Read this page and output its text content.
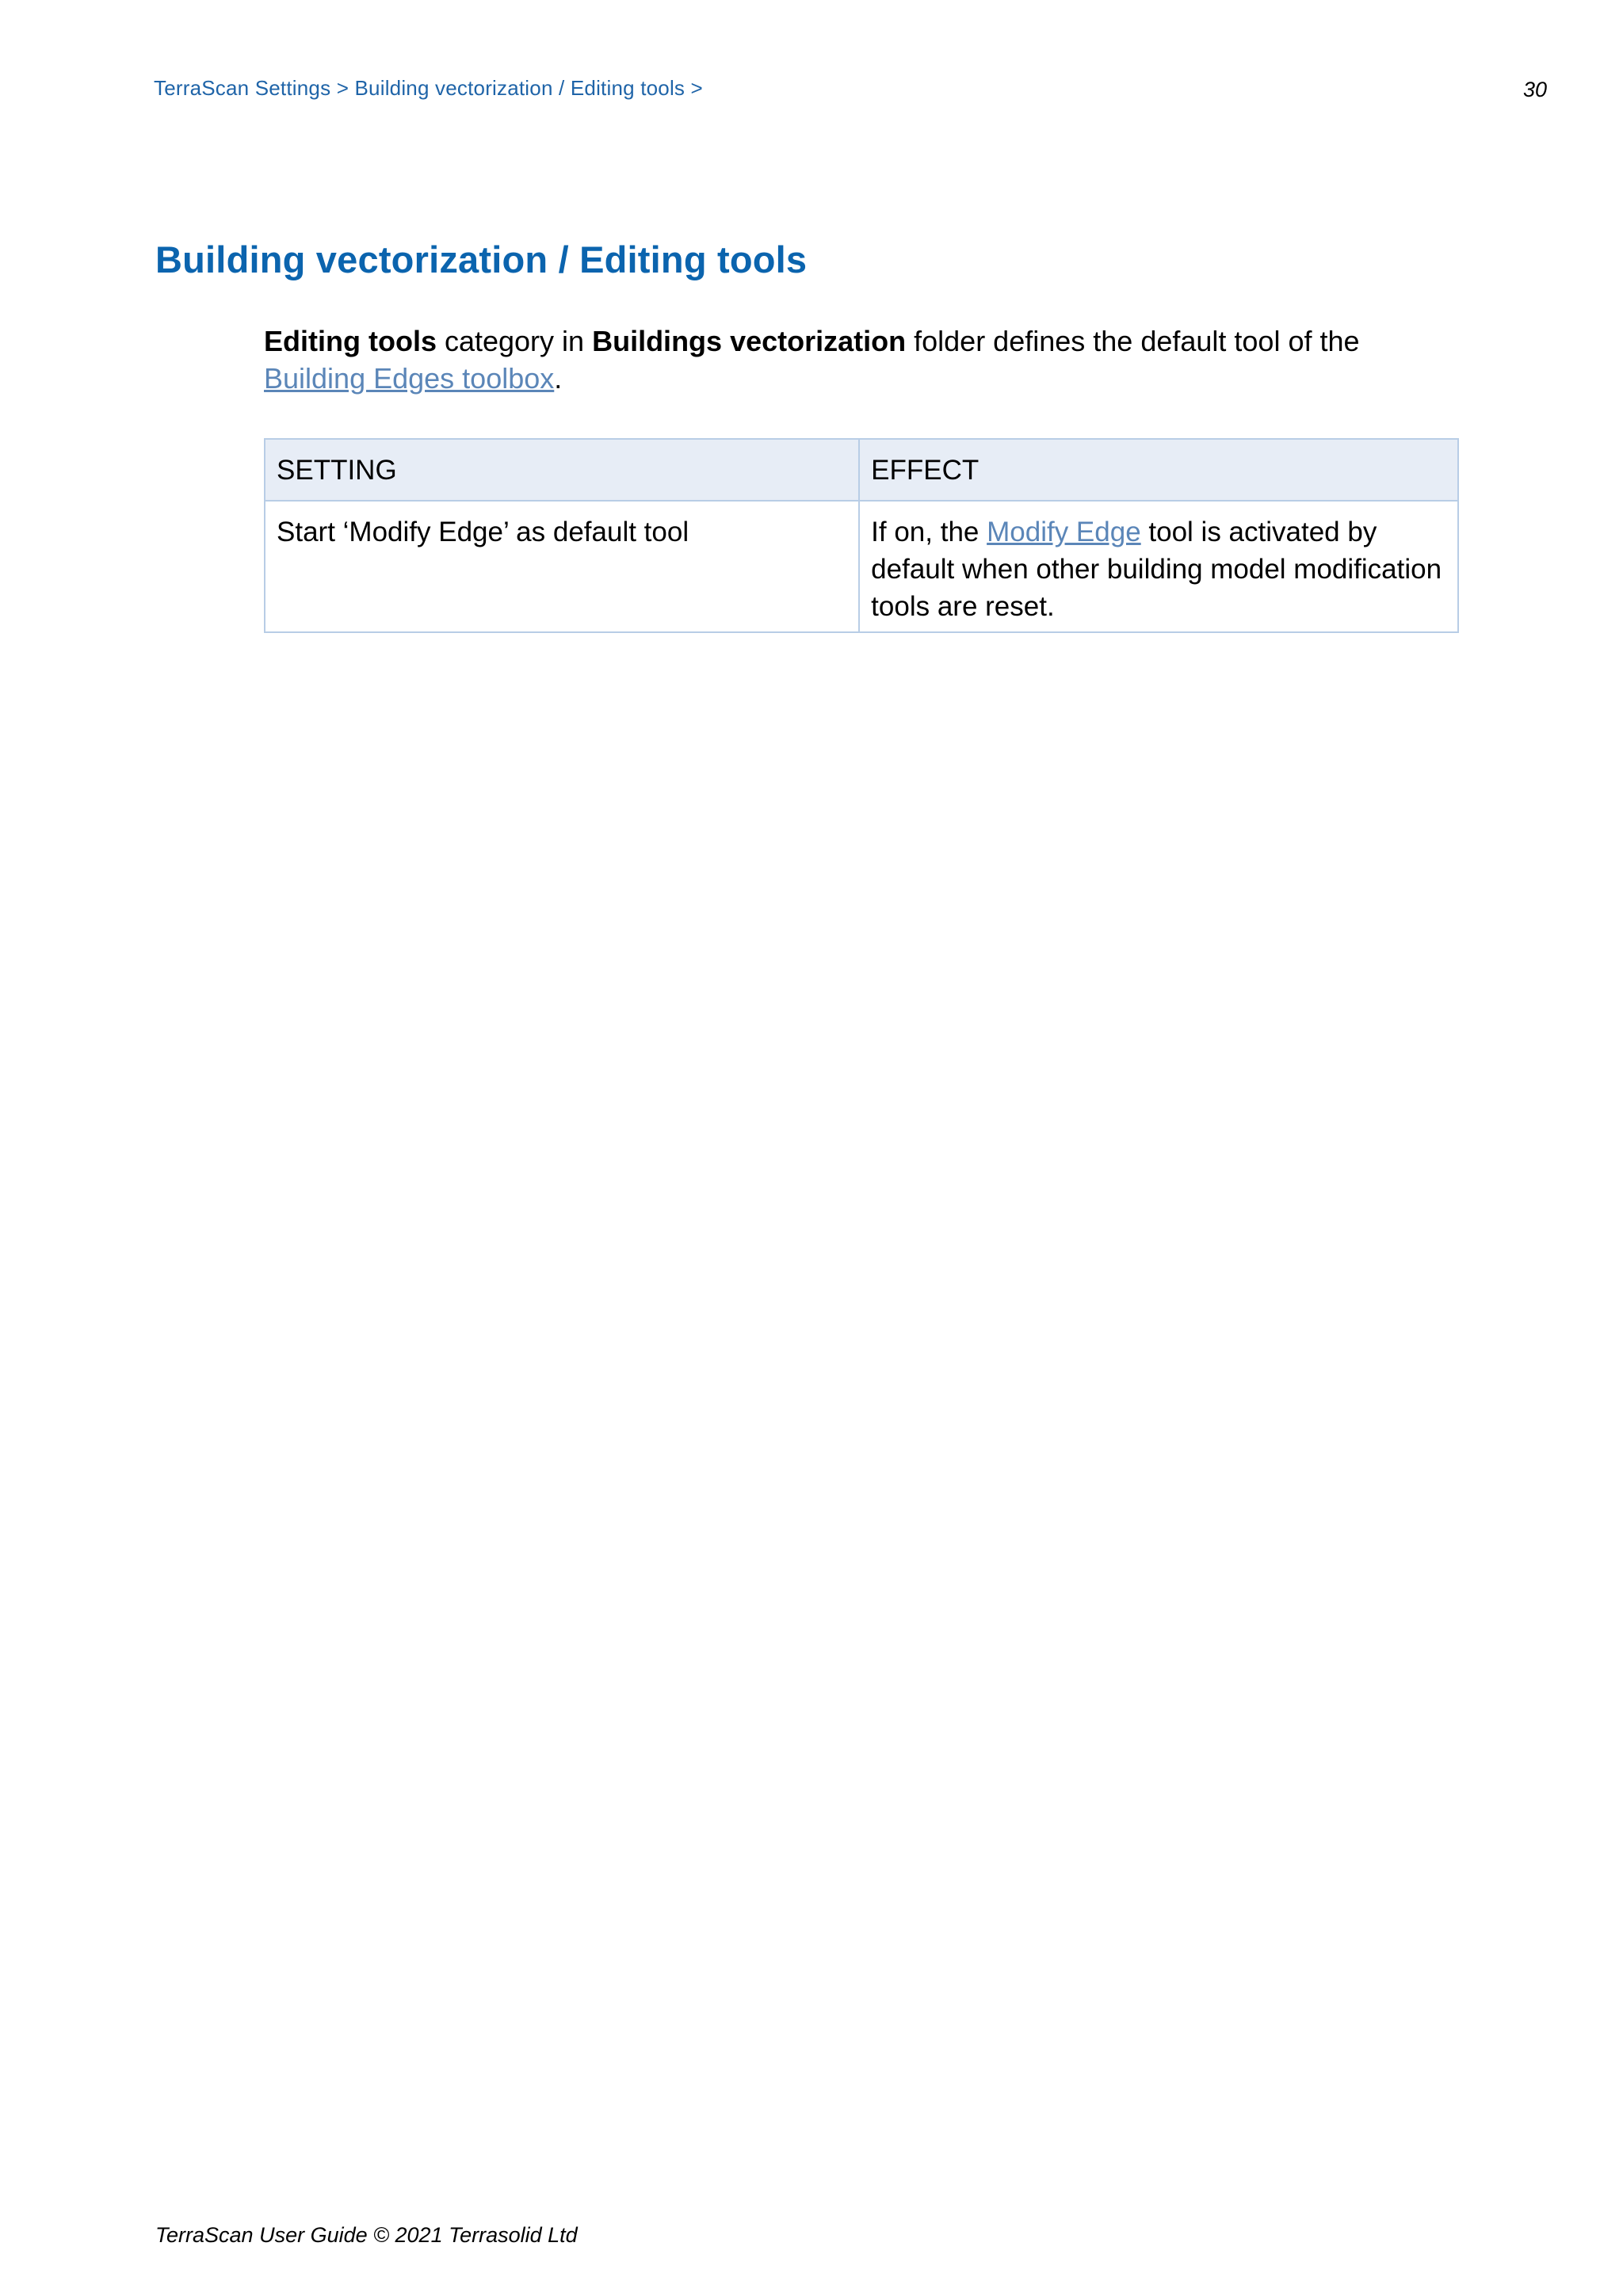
TerraScan Settings > Building vectorization / Editing tools >	30
Building vectorization / Editing tools

Editing tools category in Buildings vectorization folder defines the default tool of the Building Edges toolbox.

SETTING	EFFECT
Start ‘Modify Edge’ as default tool	If on, the Modify Edge tool is activated by default when other building model modification tools are reset.
TerraScan User Guide © 2021 Terrasolid Ltd
